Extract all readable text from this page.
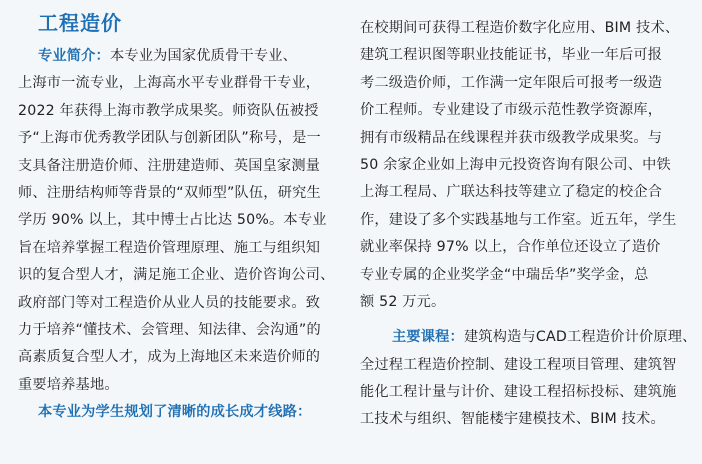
工程造价
专业简介：本专业为国家优质骨干专业、
上海市一流专业，上海高水平专业群骨干专业，
2022 年获得上海市教学成果奖。师资队伍被授
予“上海市优秀教学团队与创新团队”称号，是一
支具备注册造价师、注册建造师、英国皇家测量
师、注册结构师等背景的“双师型”队伍，研究生
学历 90% 以上，其中博士占比达 50%。本专业
旨在培养掌握工程造价管理原理、施工与组织知
识的复合型人才，满足施工企业、造价咨询公司、
政府部门等对工程造价从业人员的技能要求。致
力于培养“懂技术、会管理、知法律、会沟通”的
高素质复合型人才，成为上海地区未来造价师的
重要培养基地。
本专业为学生规划了清晰的成长成才线路：
在校期间可获得工程造价数字化应用、BIM 技术、
建筑工程识图等职业技能证书，毕业一年后可报
考二级造价师，工作满一定年限后可报考一级造
价工程师。专业建设了市级示范性教学资源库，
拥有市级精品在线课程并获市级教学成果奖。与
50 余家企业如上海申元投资咨询有限公司、中铁
上海工程局、广联达科技等建立了稳定的校企合
作，建设了多个实践基地与工作室。近五年，学生
就业率保持 97% 以上，合作单位还设立了造价
专业专属的企业奖学金“中瑞岳华”奖学金，总
额 52 万元。
主要课程：建筑构造与CAD工程造价计价原理、
全过程工程造价控制、建设工程项目管理、建筑智
能化工程计量与计价、建设工程招标投标、建筑施
工技术与组织、智能楼宇建模技术、BIM 技术。
